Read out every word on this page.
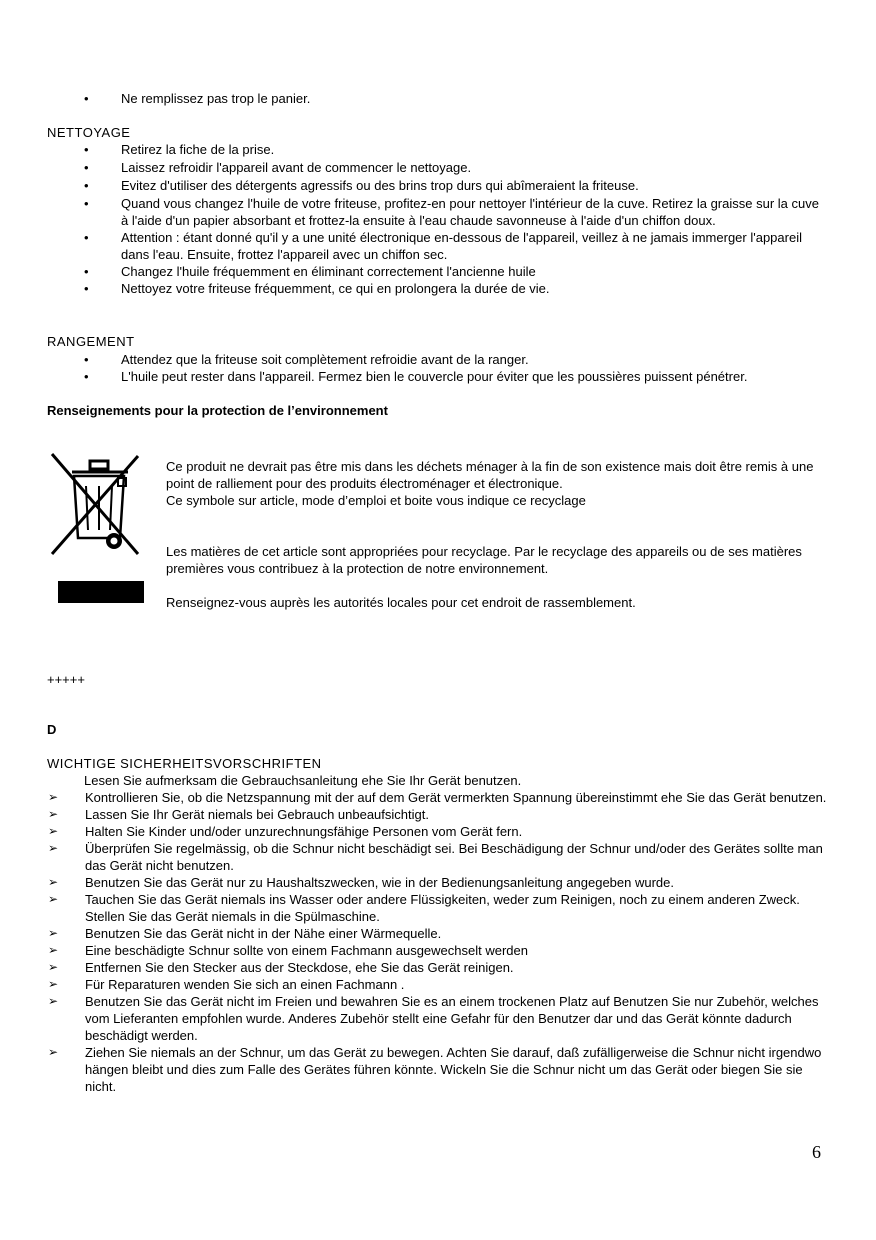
• Ne remplissez pas trop le panier.
NETTOYAGE
• Retirez la fiche de la prise.
• Laissez refroidir l'appareil avant de commencer le nettoyage.
• Evitez d'utiliser des détergents agressifs ou des brins trop durs qui abîmeraient la friteuse.
• Quand vous changez l'huile de votre friteuse, profitez-en pour nettoyer l'intérieur de la cuve. Retirez la graisse sur la cuve à l'aide d'un papier absorbant et frottez-la ensuite à l'eau chaude savonneuse à l'aide d'un chiffon doux.
• Attention : étant donné qu'il y a une unité électronique en-dessous de l'appareil, veillez à ne jamais immerger l'appareil dans l'eau. Ensuite, frottez l'appareil avec un chiffon sec.
• Changez l'huile fréquemment en éliminant correctement l'ancienne huile
• Nettoyez votre friteuse fréquemment, ce qui en prolongera la durée de vie.
RANGEMENT
• Attendez que la friteuse soit complètement refroidie avant de la ranger.
• L'huile peut rester dans l'appareil. Fermez bien le couvercle pour éviter que les poussières puissent pénétrer.
Renseignements pour la protection de l’environnement

Ce produit ne devrait pas être mis dans les déchets ménager à la fin de son existence mais doit être remis à une point de ralliement pour des produits électroménager et électronique.

Ce symbole sur article, mode d’emploi et boite vous indique ce recyclage

Les matières de cet article sont appropriées pour recyclage. Par le recyclage des appareils ou de ses matières premières vous contribuez à la protection de notre environnement.

Renseignez-vous auprès les autorités locales pour cet endroit de rassemblement.

+++++
D
WICHTIGE SICHERHEITSVORSCHRIFTEN
Lesen Sie aufmerksam die Gebrauchsanleitung ehe Sie Ihr Gerät benutzen.
➢ Kontrollieren Sie, ob die Netzspannung mit der auf dem Gerät vermerkten Spannung übereinstimmt ehe Sie das Gerät benutzen.
➢ Lassen Sie Ihr Gerät niemals bei Gebrauch unbeaufsichtigt.
➢ Halten Sie Kinder und/oder unzurechnungsfähige Personen vom Gerät fern.
➢ Überprüfen Sie regelmässig, ob die Schnur nicht beschädigt sei. Bei Beschädigung der Schnur und/oder des Gerätes sollte man das Gerät nicht benutzen.
➢ Benutzen Sie das Gerät nur zu Haushaltszwecken, wie in der Bedienungsanleitung angegeben wurde.
➢ Tauchen Sie das Gerät niemals ins Wasser oder andere Flüssigkeiten, weder zum Reinigen, noch zu einem anderen Zweck. Stellen Sie das Gerät niemals in die Spülmaschine.
➢ Benutzen Sie das Gerät nicht in der Nähe einer Wärmequelle.
➢ Eine beschädigte Schnur sollte von einem Fachmann ausgewechselt werden
➢ Entfernen Sie den Stecker aus der Steckdose, ehe Sie das Gerät reinigen.
➢ Für Reparaturen wenden Sie sich an einen Fachmann .
➢ Benutzen Sie das Gerät nicht im Freien und bewahren Sie es an einem trockenen Platz auf Benutzen Sie nur Zubehör, welches vom Lieferanten empfohlen wurde. Anderes Zubehör stellt eine Gefahr für den Benutzer dar und das Gerät könnte dadurch beschädigt werden.
➢ Ziehen Sie niemals an der Schnur, um das Gerät zu bewegen. Achten Sie darauf, daß zufälligerweise die Schnur nicht irgendwo hängen bleibt und dies zum Falle des Gerätes führen könnte. Wickeln Sie die Schnur nicht um das Gerät oder biegen Sie sie nicht.
6
